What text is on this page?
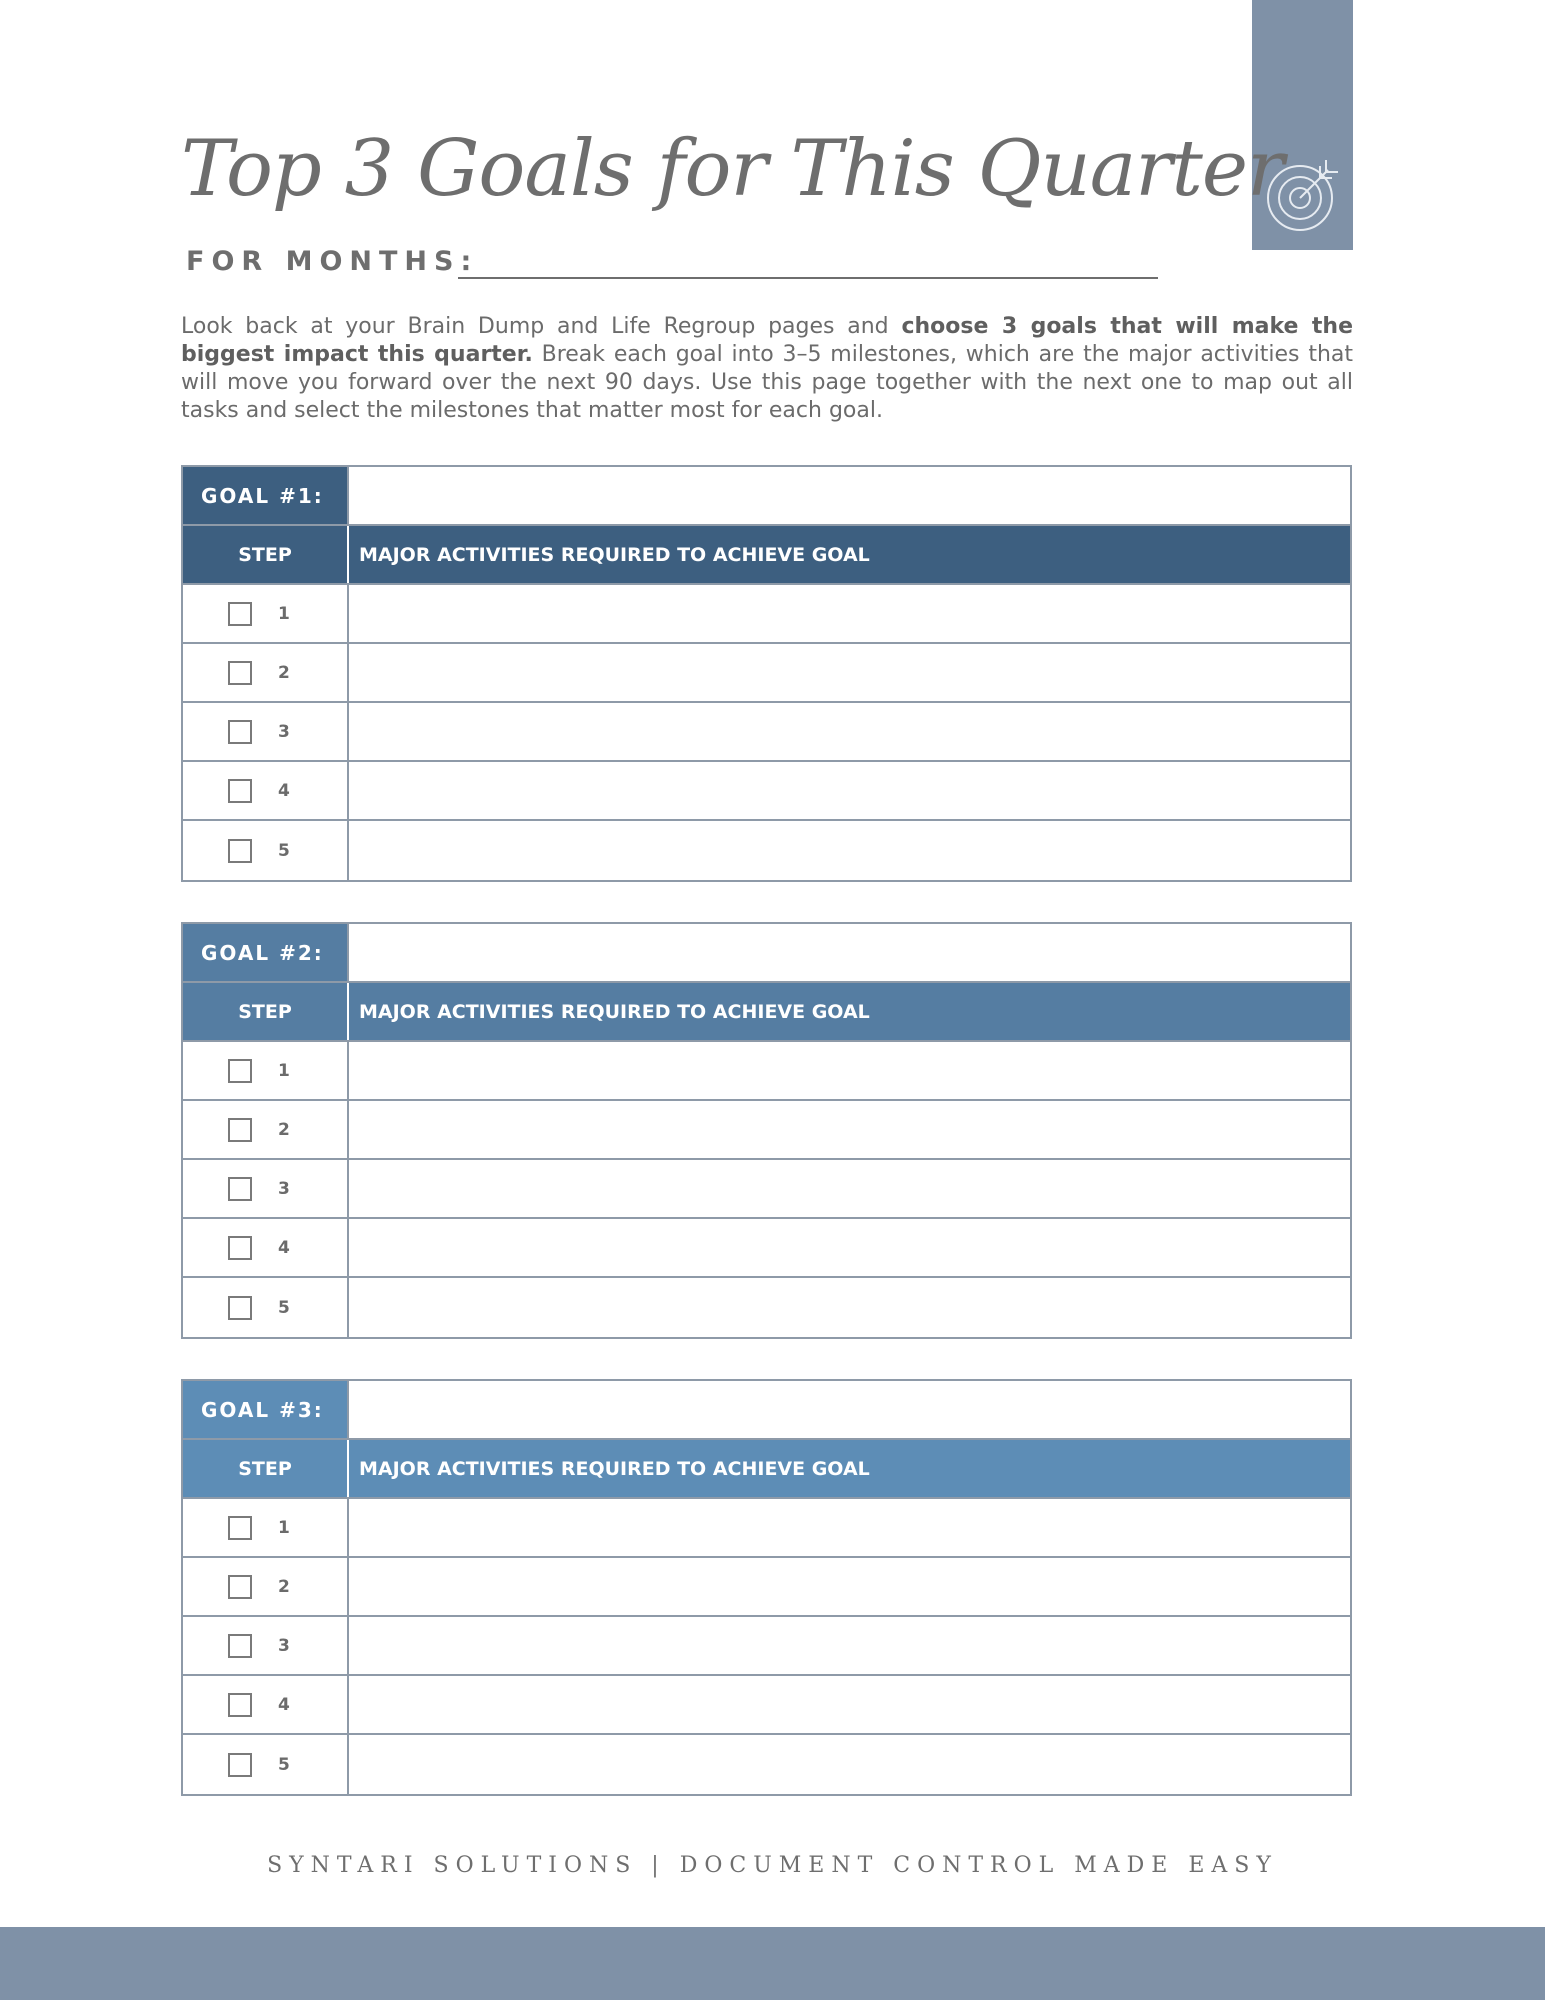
Top 3 Goals for This Quarter
FOR MONTHS:

Look back at your Brain Dump and Life Regroup pages and choose 3 goals that will make the biggest impact this quarter. Break each goal into 3–5 milestones, which are the major activities that will move you forward over the next 90 days. Use this page together with the next one to map out all tasks and select the milestones that matter most for each goal.

GOAL #1:
STEP	MAJOR ACTIVITIES REQUIRED TO ACHIEVE GOAL
1
2
3
4
5
GOAL #2:
STEP	MAJOR ACTIVITIES REQUIRED TO ACHIEVE GOAL
1
2
3
4
5
GOAL #3:
STEP	MAJOR ACTIVITIES REQUIRED TO ACHIEVE GOAL
1
2
3
4
5
SYNTARI SOLUTIONS | DOCUMENT CONTROL MADE EASY
